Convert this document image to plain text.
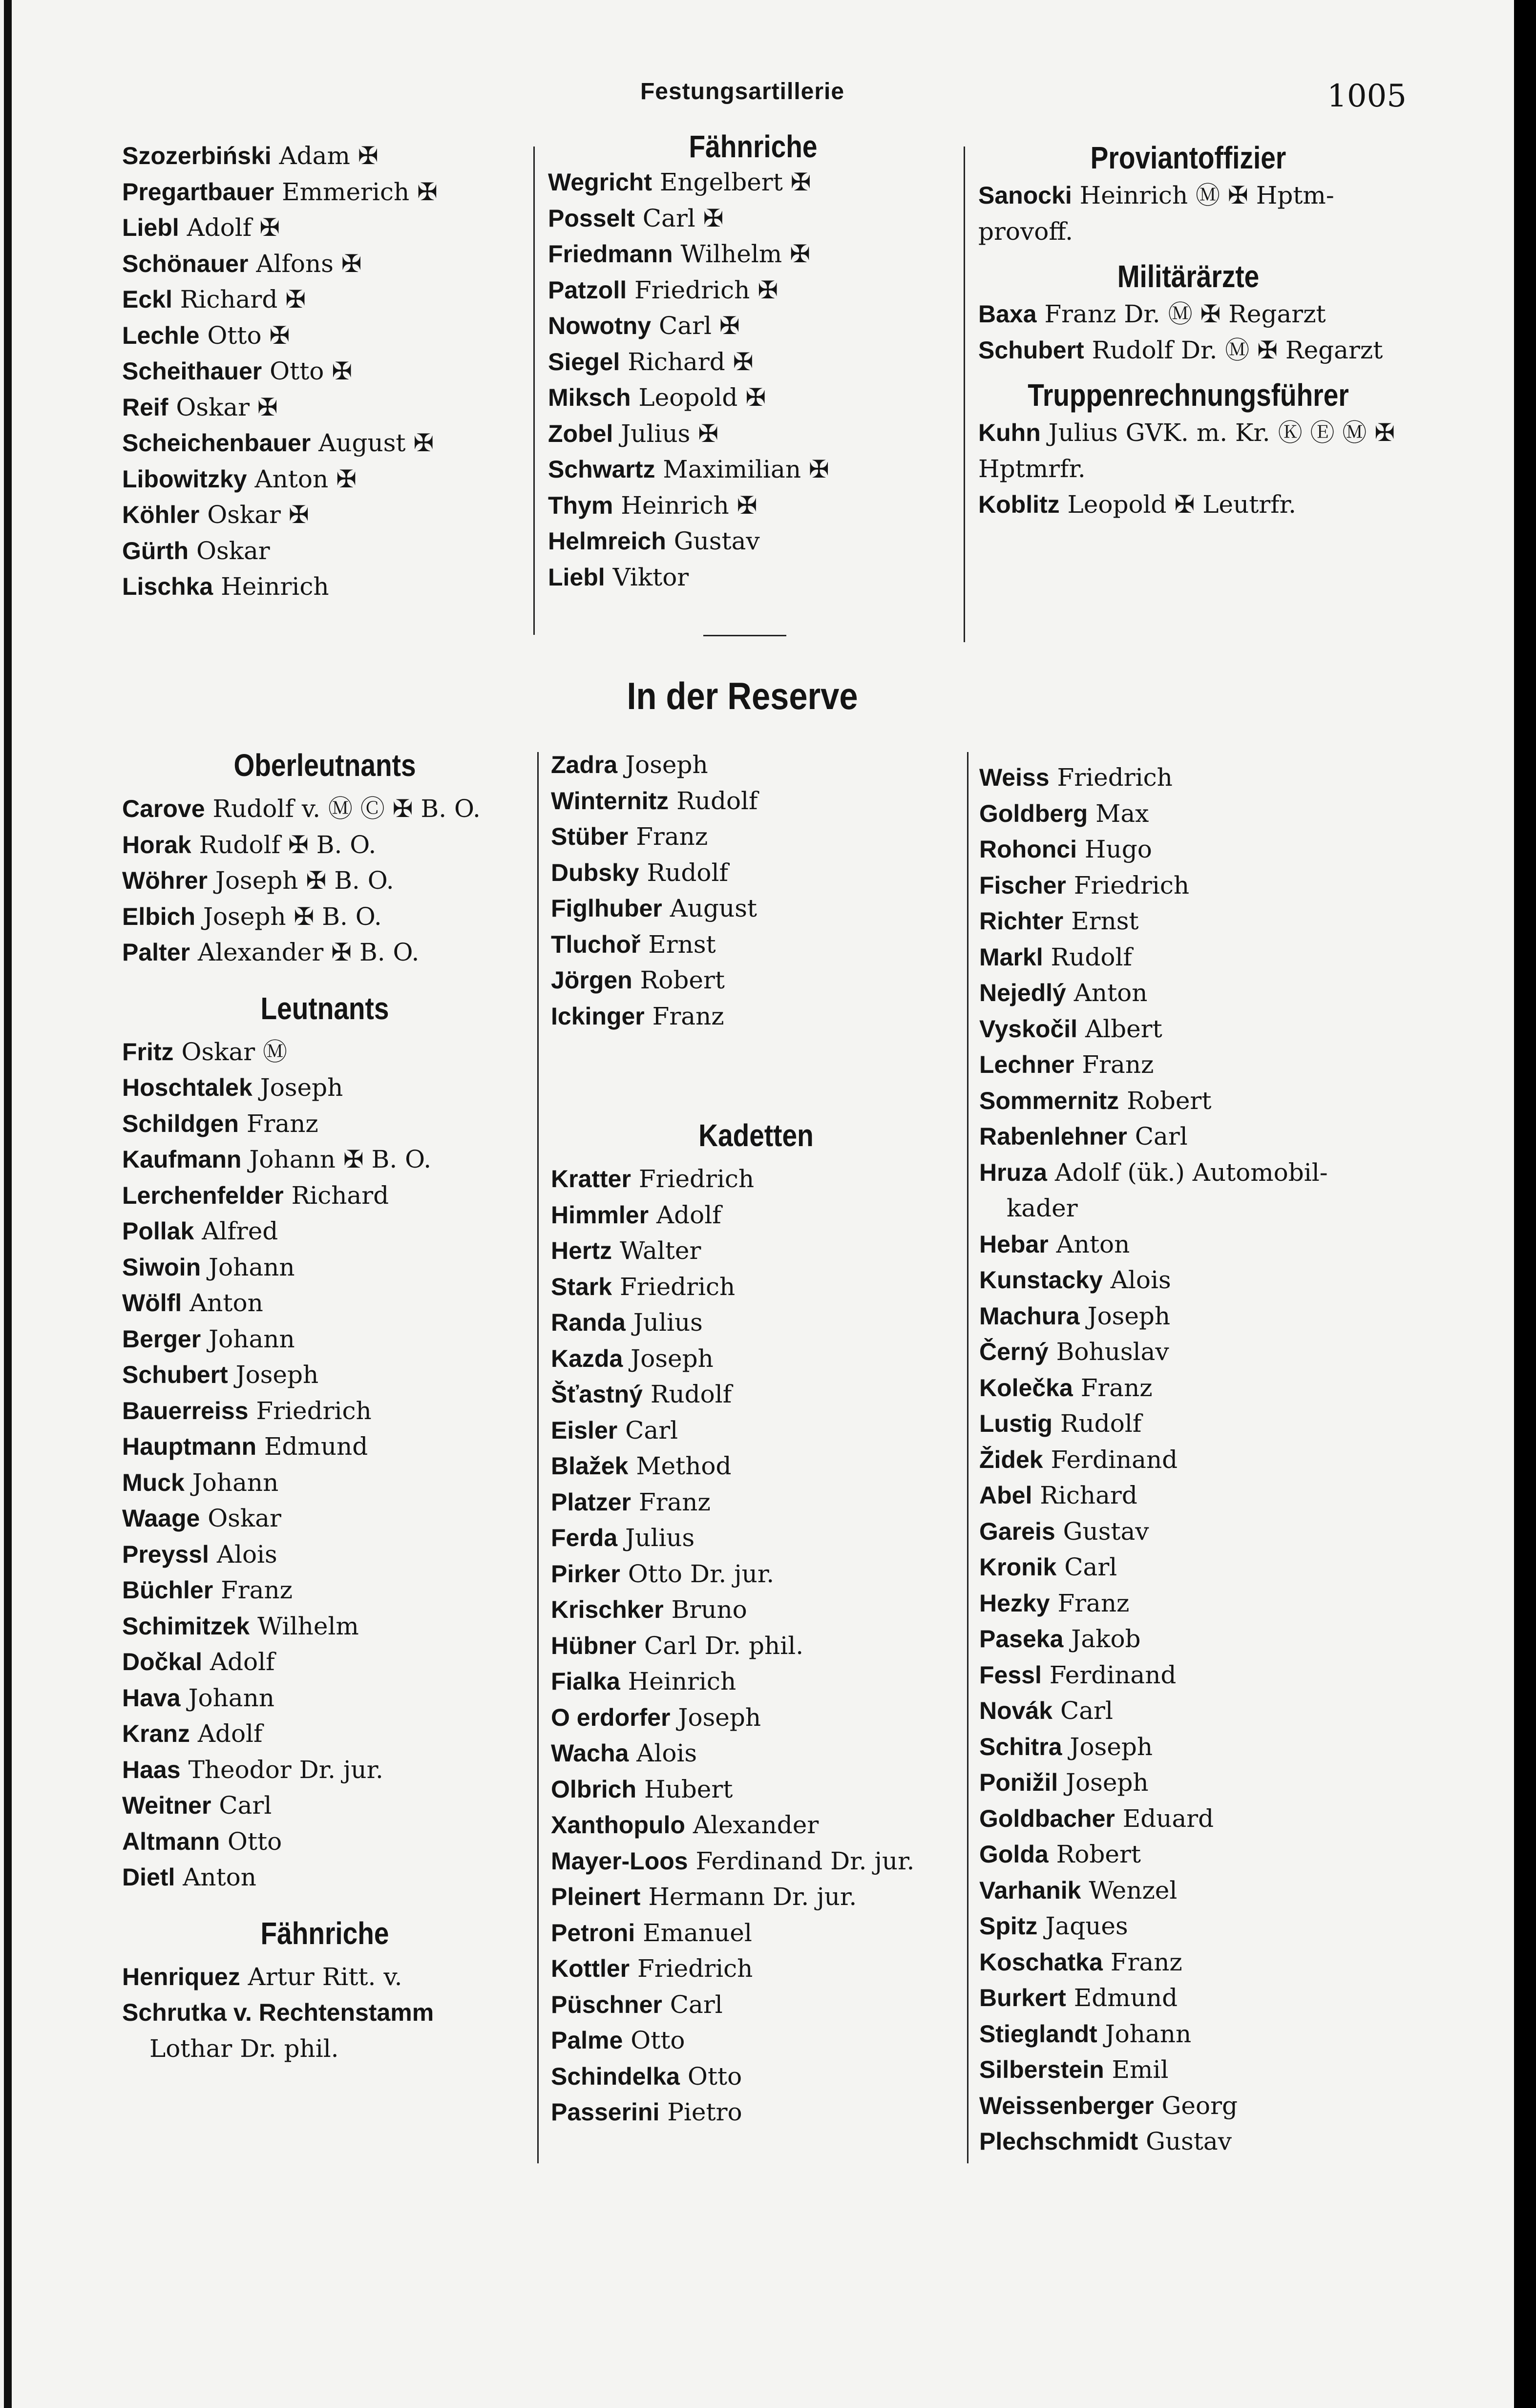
Festungsartillerie	1005

Szozerbiński Adam ✠

Pregartbauer Emmerich ✠

Liebl Adolf ✠

Schönauer Alfons ✠

Eckl Richard ✠

Lechle Otto ✠

Scheithauer Otto ✠

Reif Oskar ✠

Scheichenbauer August ✠

Libowitzky Anton ✠

Köhler Oskar ✠

Gürth Oskar

Lischka Heinrich

Fähnriche

Wegricht Engelbert ✠

Posselt Carl ✠

Friedmann Wilhelm ✠

Patzoll Friedrich ✠

Nowotny Carl ✠

Siegel Richard ✠

Miksch Leopold ✠

Zobel Julius ✠

Schwartz Maximilian ✠

Thym Heinrich ✠

Helmreich Gustav

Liebl Viktor

Proviantoffizier

Sanocki Heinrich Ⓜ ✠ Hptm-provoff.

Militärärzte

Baxa Franz Dr. Ⓜ ✠ Regarzt

Schubert Rudolf Dr. Ⓜ ✠ Regarzt

Truppenrechnungsführer

Kuhn Julius GVK. m. Kr. Ⓚ Ⓔ Ⓜ ✠ Hptmrfr.

Koblitz Leopold ✠ Leutrfr.

In der Reserve
Oberleutnants

Carove Rudolf v. Ⓜ Ⓒ ✠ B. O.

Horak Rudolf ✠ B. O.

Wöhrer Joseph ✠ B. O.

Elbich Joseph ✠ B. O.

Palter Alexander ✠ B. O.

Leutnants

Fritz Oskar Ⓜ

Hoschtalek Joseph

Schildgen Franz

Kaufmann Johann ✠ B. O.

Lerchenfelder Richard

Pollak Alfred

Siwoin Johann

Wölfl Anton

Berger Johann

Schubert Joseph

Bauerreiss Friedrich

Hauptmann Edmund

Muck Johann

Waage Oskar

Preyssl Alois

Büchler Franz

Schimitzek Wilhelm

Dočkal Adolf

Hava Johann

Kranz Adolf

Haas Theodor Dr. jur.

Weitner Carl

Altmann Otto

Dietl Anton

Fähnriche

Henriquez Artur Ritt. v.

Schrutka v. Rechtenstamm

Lothar Dr. phil.

Zadra Joseph

Winternitz Rudolf

Stüber Franz

Dubsky Rudolf

Figlhuber August

Tluchoř Ernst

Jörgen Robert

Ickinger Franz

Kadetten

Kratter Friedrich

Himmler Adolf

Hertz Walter

Stark Friedrich

Randa Julius

Kazda Joseph

Šťastný Rudolf

Eisler Carl

Blažek Method

Platzer Franz

Ferda Julius

Pirker Otto Dr. jur.

Krischker Bruno

Hübner Carl Dr. phil.

Fialka Heinrich

O erdorfer Joseph

Wacha Alois

Olbrich Hubert

Xanthopulo Alexander

Mayer-Loos Ferdinand Dr. jur.

Pleinert Hermann Dr. jur.

Petroni Emanuel

Kottler Friedrich

Püschner Carl

Palme Otto

Schindelka Otto

Passerini Pietro

Weiss Friedrich

Goldberg Max

Rohonci Hugo

Fischer Friedrich

Richter Ernst

Markl Rudolf

Nejedlý Anton

Vyskočil Albert

Lechner Franz

Sommernitz Robert

Rabenlehner Carl

Hruza Adolf (ük.) Automobil-

kader

Hebar Anton

Kunstacky Alois

Machura Joseph

Černý Bohuslav

Kolečka Franz

Lustig Rudolf

Židek Ferdinand

Abel Richard

Gareis Gustav

Kronik Carl

Hezky Franz

Paseka Jakob

Fessl Ferdinand

Novák Carl

Schitra Joseph

Ponižil Joseph

Goldbacher Eduard

Golda Robert

Varhanik Wenzel

Spitz Jaques

Koschatka Franz

Burkert Edmund

Stieglandt Johann

Silberstein Emil

Weissenberger Georg

Plechschmidt Gustav
